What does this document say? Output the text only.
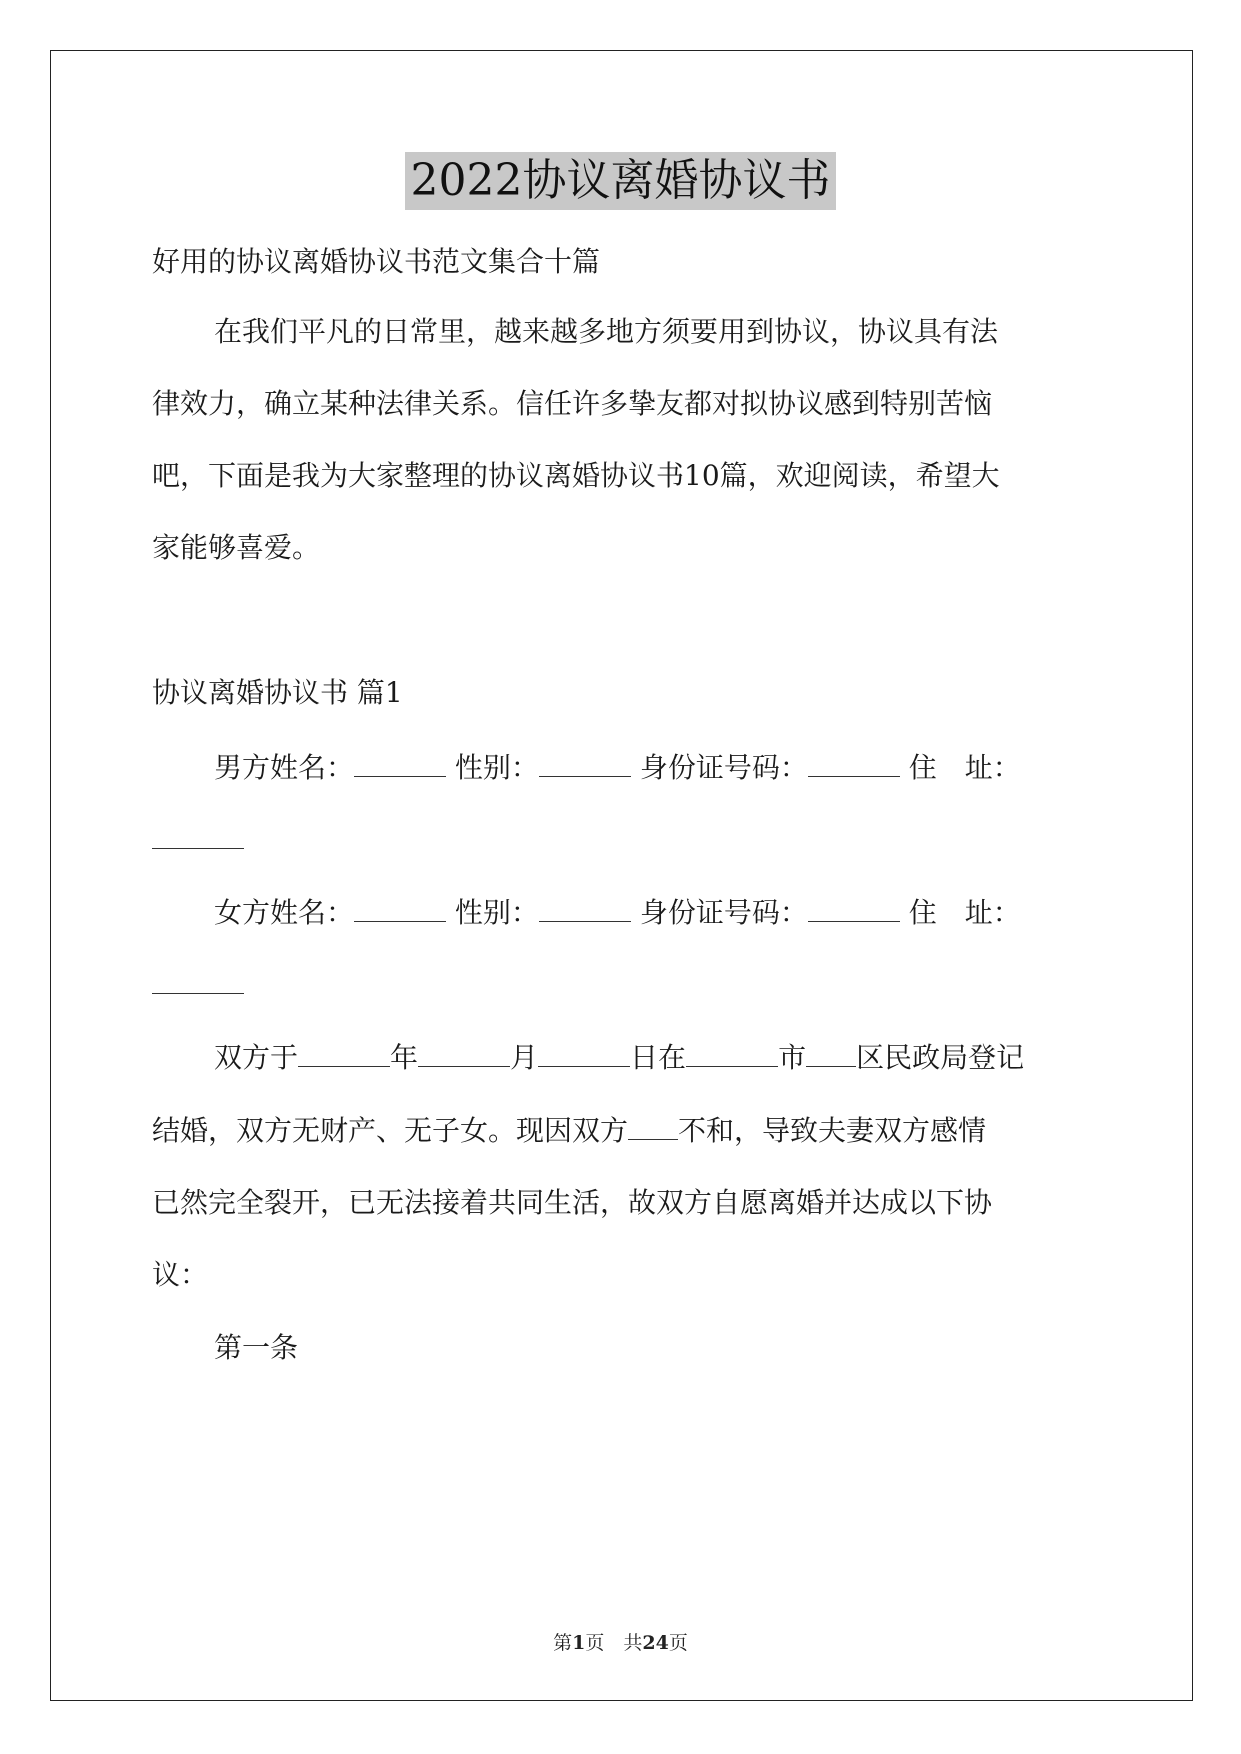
2022协议离婚协议书
好用的协议离婚协议书范文集合十篇
在我们平凡的日常里，越来越多地方须要用到协议，协议具有法
律效力，确立某种法律关系。信任许多挚友都对拟协议感到特别苦恼
吧，下面是我为大家整理的协议离婚协议书10篇，欢迎阅读，希望大
家能够喜爱。
协议离婚协议书 篇1
男方姓名：	性别：	身份证号码：	住　址：
女方姓名：	性别：	身份证号码：	住　址：
双方于	年	月	日在	市 区民政局登记
结婚，双方无财产、无子女。现因双方 不和，导致夫妻双方感情
已然完全裂开，已无法接着共同生活，故双方自愿离婚并达成以下协
议：
第一条
第1页　共24页
